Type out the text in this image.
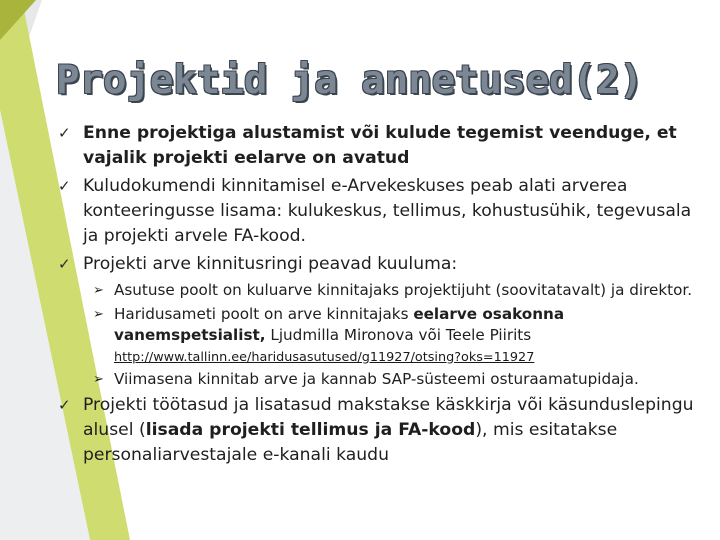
Projektid ja annetused(2)
✓ Enne projektiga alustamist või kulude tegemist veenduge, et vajalik projekti eelarve on avatud
✓ Kuludokumendi kinnitamisel e-Arvekeskuses peab alati arverea konteeringusse lisama: kulukeskus, tellimus, kohustusühik, tegevusala ja projekti arvele FA-kood.
✓ Projekti arve kinnitusringi peavad kuuluma:
➢ Asutuse poolt on kuluarve kinnitajaks projektijuht (soovitatavalt) ja direktor.
➢ Haridusameti poolt on arve kinnitajaks eelarve osakonna vanemspetsialist, Ljudmilla Mironova või Teele Piirits
http://www.tallinn.ee/haridusasutused/g11927/otsing?oks=11927
➢ Viimasena kinnitab arve ja kannab SAP-süsteemi osturaamatupidaja.
✓ Projekti töötasud ja lisatasud makstakse käskkirja või käsunduslepingu alusel (lisada projekti tellimus ja FA-kood), mis esitatakse personaliarvestajale e-kanali kaudu
